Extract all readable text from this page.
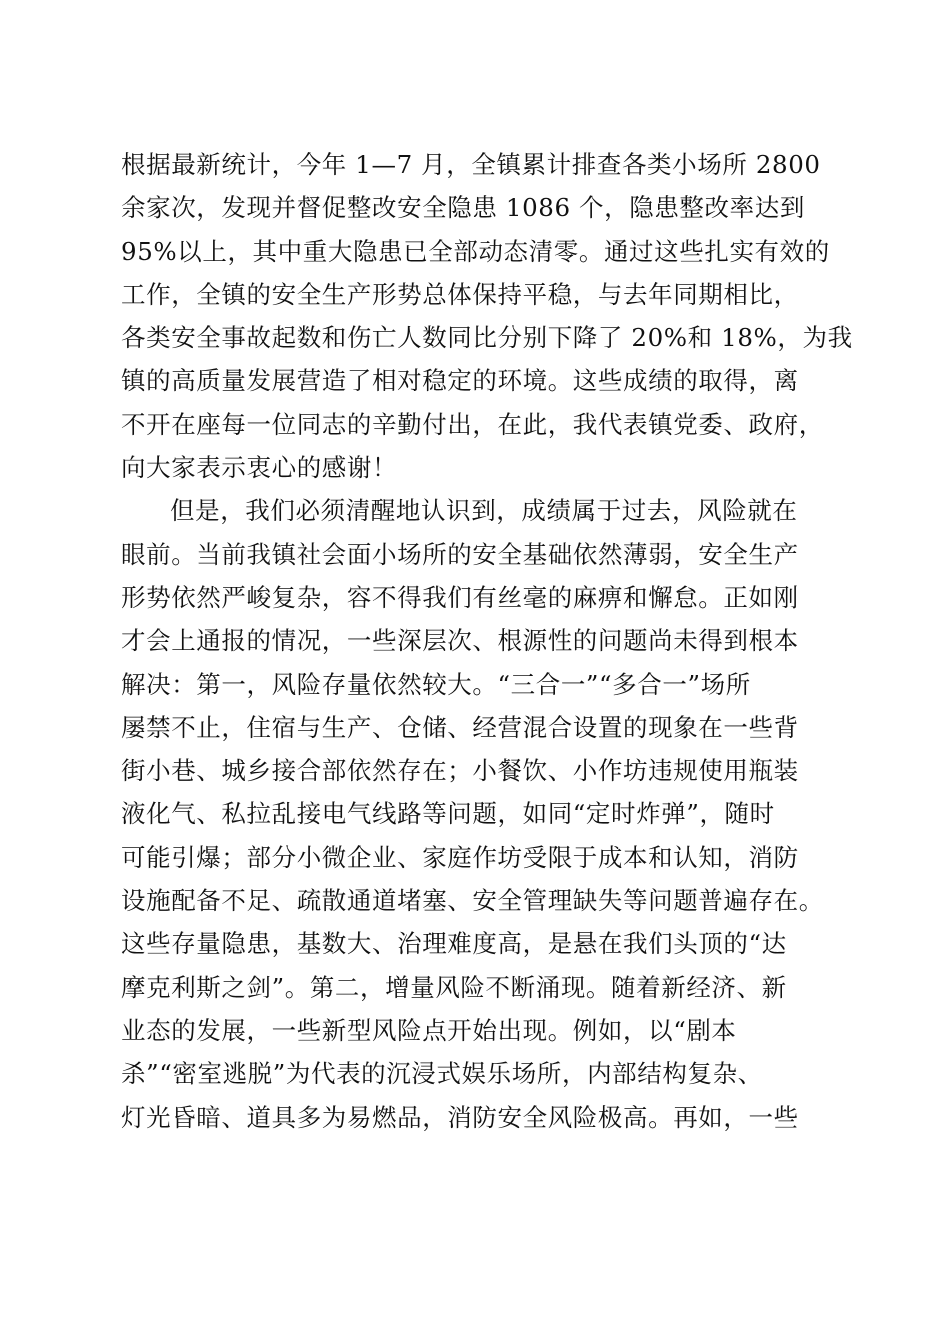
根据最新统计，今年 1—7 月，全镇累计排查各类小场所 2800
余家次，发现并督促整改安全隐患 1086 个，隐患整改率达到
95%以上，其中重大隐患已全部动态清零。通过这些扎实有效的
工作，全镇的安全生产形势总体保持平稳，与去年同期相比，
各类安全事故起数和伤亡人数同比分别下降了 20%和 18%，为我
镇的高质量发展营造了相对稳定的环境。这些成绩的取得，离
不开在座每一位同志的辛勤付出，在此，我代表镇党委、政府，
向大家表示衷心的感谢！
但是，我们必须清醒地认识到，成绩属于过去，风险就在
眼前。当前我镇社会面小场所的安全基础依然薄弱，安全生产
形势依然严峻复杂，容不得我们有丝毫的麻痹和懈怠。正如刚
才会上通报的情况，一些深层次、根源性的问题尚未得到根本
解决：第一，风险存量依然较大。“三合一”“多合一”场所
屡禁不止，住宿与生产、仓储、经营混合设置的现象在一些背
街小巷、城乡接合部依然存在；小餐饮、小作坊违规使用瓶装
液化气、私拉乱接电气线路等问题，如同“定时炸弹”，随时
可能引爆；部分小微企业、家庭作坊受限于成本和认知，消防
设施配备不足、疏散通道堵塞、安全管理缺失等问题普遍存在。
这些存量隐患，基数大、治理难度高，是悬在我们头顶的“达
摩克利斯之剑”。第二，增量风险不断涌现。随着新经济、新
业态的发展，一些新型风险点开始出现。例如，以“剧本
杀”“密室逃脱”为代表的沉浸式娱乐场所，内部结构复杂、
灯光昏暗、道具多为易燃品，消防安全风险极高。再如，一些
